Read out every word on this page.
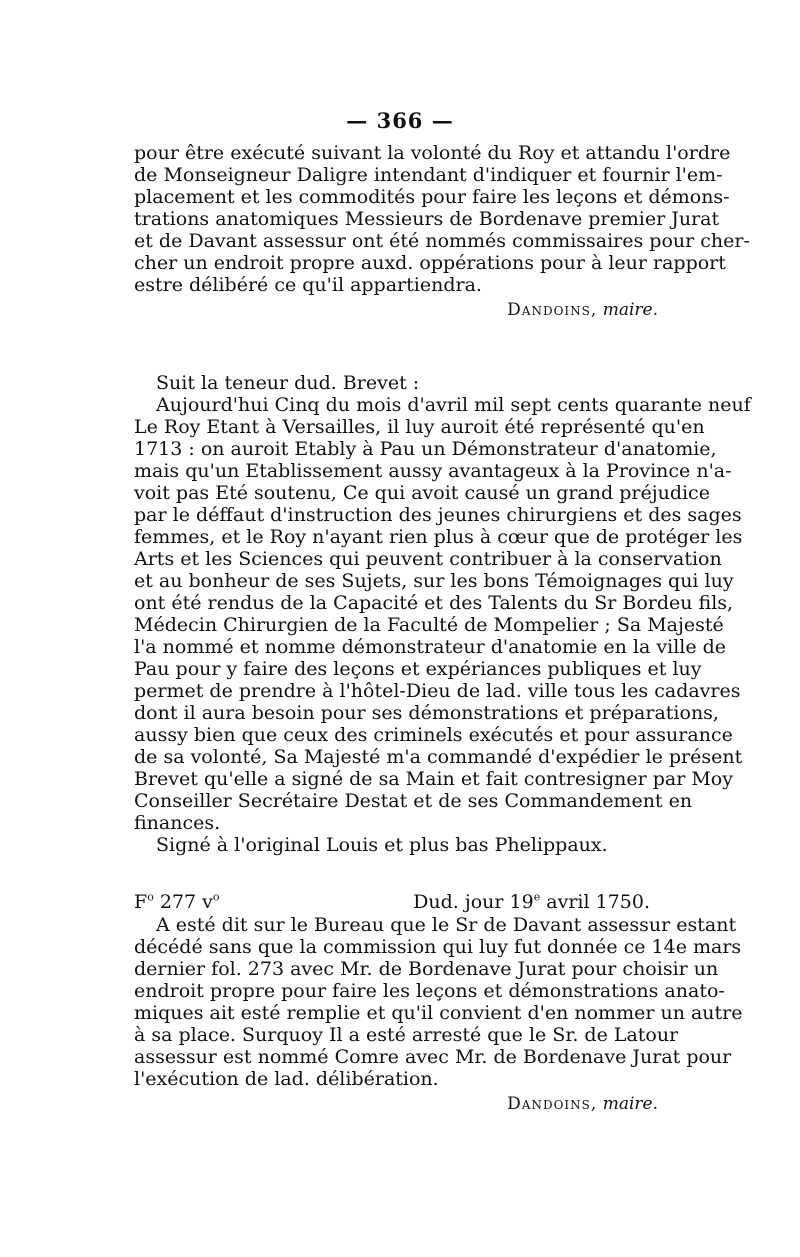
— 366 —
pour être exécuté suivant la volonté du Roy et attandu l'ordre
de Monseigneur Daligre intendant d'indiquer et fournir l'em-
placement et les commodités pour faire les leçons et démons-
trations anatomiques Messieurs de Bordenave premier Jurat
et de Davant assessur ont été nommés commissaires pour cher-
cher un endroit propre auxd. oppérations pour à leur rapport
estre délibéré ce qu'il appartiendra.
Dandoins, maire.
Suit la teneur dud. Brevet :
Aujourd'hui Cinq du mois d'avril mil sept cents quarante neuf
Le Roy Etant à Versailles, il luy auroit été représenté qu'en
1713 : on auroit Etably à Pau un Démonstrateur d'anatomie,
mais qu'un Etablissement aussy avantageux à la Province n'a-
voit pas Eté soutenu, Ce qui avoit causé un grand préjudice
par le déffaut d'instruction des jeunes chirurgiens et des sages
femmes, et le Roy n'ayant rien plus à cœur que de protéger les
Arts et les Sciences qui peuvent contribuer à la conservation
et au bonheur de ses Sujets, sur les bons Témoignages qui luy
ont été rendus de la Capacité et des Talents du Sr Bordeu fils,
Médecin Chirurgien de la Faculté de Mompelier ; Sa Majesté
l'a nommé et nomme démonstrateur d'anatomie en la ville de
Pau pour y faire des leçons et expériances publiques et luy
permet de prendre à l'hôtel-Dieu de lad. ville tous les cadavres
dont il aura besoin pour ses démonstrations et préparations,
aussy bien que ceux des criminels exécutés et pour assurance
de sa volonté, Sa Majesté m'a commandé d'expédier le présent
Brevet qu'elle a signé de sa Main et fait contresigner par Moy
Conseiller Secrétaire Destat et de ses Commandement en
finances.
Signé à l'original Louis et plus bas Phelippaux.
$F^o$ 277 $v^o$	Dud. jour 19e avril 1750.
A esté dit sur le Bureau que le Sr de Davant assessur estant
décédé sans que la commission qui luy fut donnée ce 14e mars
dernier fol. 273 avec Mr. de Bordenave Jurat pour choisir un
endroit propre pour faire les leçons et démonstrations anato-
miques ait esté remplie et qu'il convient d'en nommer un autre
à sa place. Surquoy Il a esté arresté que le Sr. de Latour
assessur est nommé Comre avec Mr. de Bordenave Jurat pour
l'exécution de lad. délibération.
Dandoins, maire.
